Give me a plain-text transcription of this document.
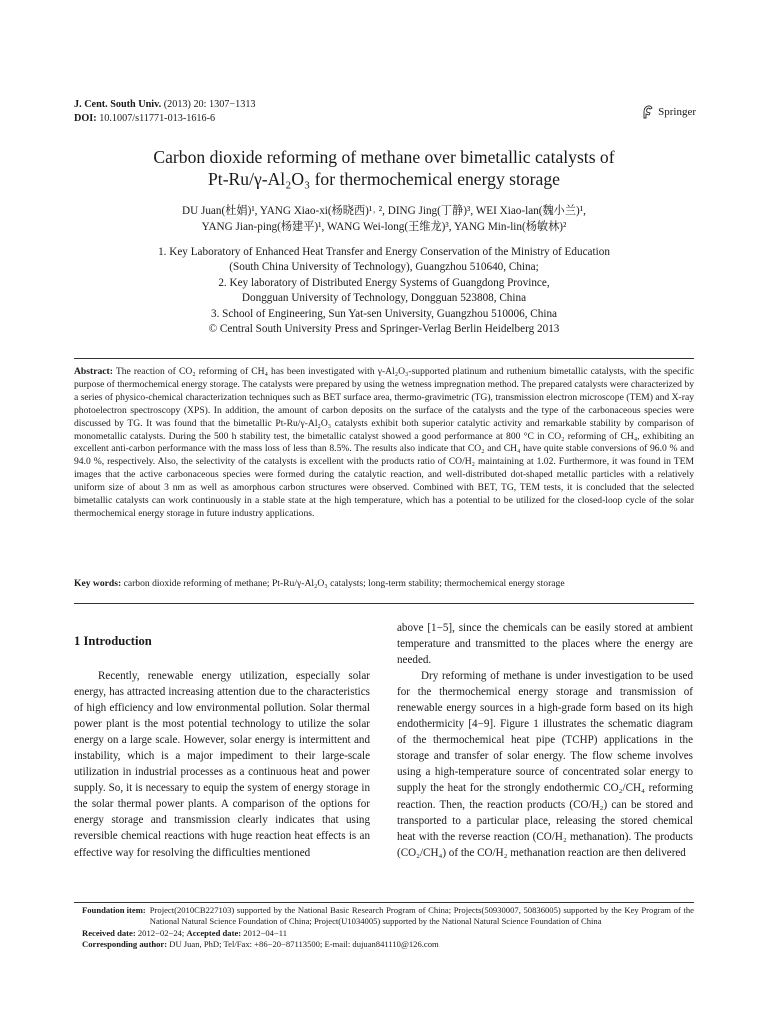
J. Cent. South Univ. (2013) 20: 1307−1313
DOI: 10.1007/s11771-013-1616-6	Springer
Carbon dioxide reforming of methane over bimetallic catalysts of
Pt-Ru/γ-Al₂O₃ for thermochemical energy storage
DU Juan(杜娟)¹, YANG Xiao-xi(杨晓西)¹˒ ², DING Jing(丁静)³, WEI Xiao-lan(魏小兰)¹,
YANG Jian-ping(杨建平)¹, WANG Wei-long(王维龙)³, YANG Min-lin(杨敏林)²
1. Key Laboratory of Enhanced Heat Transfer and Energy Conservation of the Ministry of Education
(South China University of Technology), Guangzhou 510640, China;
2. Key laboratory of Distributed Energy Systems of Guangdong Province,
Dongguan University of Technology, Dongguan 523808, China
3. School of Engineering, Sun Yat-sen University, Guangzhou 510006, China
© Central South University Press and Springer-Verlag Berlin Heidelberg 2013
Abstract: The reaction of CO₂ reforming of CH₄ has been investigated with γ-Al₂O₃-supported platinum and ruthenium bimetallic catalysts, with the specific purpose of thermochemical energy storage. The catalysts were prepared by using the wetness impregnation method. The prepared catalysts were characterized by a series of physico-chemical characterization techniques such as BET surface area, thermo-gravimetric (TG), transmission electron microscope (TEM) and X-ray photoelectron spectroscopy (XPS). In addition, the amount of carbon deposits on the surface of the catalysts and the type of the carbonaceous species were discussed by TG. It was found that the bimetallic Pt-Ru/γ-Al₂O₃ catalysts exhibit both superior catalytic activity and remarkable stability by comparison of monometallic catalysts. During the 500 h stability test, the bimetallic catalyst showed a good performance at 800 °C in CO₂ reforming of CH₄, exhibiting an excellent anti-carbon performance with the mass loss of less than 8.5%. The results also indicate that CO₂ and CH₄ have quite stable conversions of 96.0 % and 94.0 %, respectively. Also, the selectivity of the catalysts is excellent with the products ratio of CO/H₂ maintaining at 1.02. Furthermore, it was found in TEM images that the active carbonaceous species were formed during the catalytic reaction, and well-distributed dot-shaped metallic particles with a relatively uniform size of about 3 nm as well as amorphous carbon structures were observed. Combined with BET, TG, TEM tests, it is concluded that the selected bimetallic catalysts can work continuously in a stable state at the high temperature, which has a potential to be utilized for the closed-loop cycle of the solar thermochemical energy storage in future industry applications.
Key words: carbon dioxide reforming of methane; Pt-Ru/γ-Al₂O₃ catalysts; long-term stability; thermochemical energy storage
1 Introduction

Recently, renewable energy utilization, especially solar energy, has attracted increasing attention due to the characteristics of high efficiency and low environmental pollution. Solar thermal power plant is the most potential technology to utilize the solar energy on a large scale. However, solar energy is intermittent and instability, which is a major impediment to their large-scale utilization in industrial processes as a continuous heat and power supply. So, it is necessary to equip the system of energy storage in the solar thermal power plants. A comparison of the options for energy storage and transmission clearly indicates that using reversible chemical reactions with huge reaction heat effects is an effective way for resolving the difficulties mentioned

above [1−5], since the chemicals can be easily stored at ambient temperature and transmitted to the places where the energy are needed.

Dry reforming of methane is under investigation to be used for the thermochemical energy storage and transmission of renewable energy sources in a high-grade form based on its high endothermicity [4−9]. Figure 1 illustrates the schematic diagram of the thermochemical heat pipe (TCHP) applications in the storage and transfer of solar energy. The flow scheme involves using a high-temperature source of concentrated solar energy to supply the heat for the strongly endothermic CO₂/CH₄ reforming reaction. Then, the reaction products (CO/H₂) can be stored and transported to a particular place, releasing the stored chemical heat with the reverse reaction (CO/H₂ methanation). The products (CO₂/CH₄) of the CO/H₂ methanation reaction are then delivered

Foundation item: Project(2010CB227103) supported by the National Basic Research Program of China; Projects(50930007, 50836005) supported by the Key Program of the National Natural Science Foundation of China; Project(U1034005) supported by the National Natural Science Foundation of China
Received date: 2012−02−24; Accepted date: 2012−04−11
Corresponding author: DU Juan, PhD; Tel/Fax: +86−20−87113500; E-mail: dujuan841110@126.com
